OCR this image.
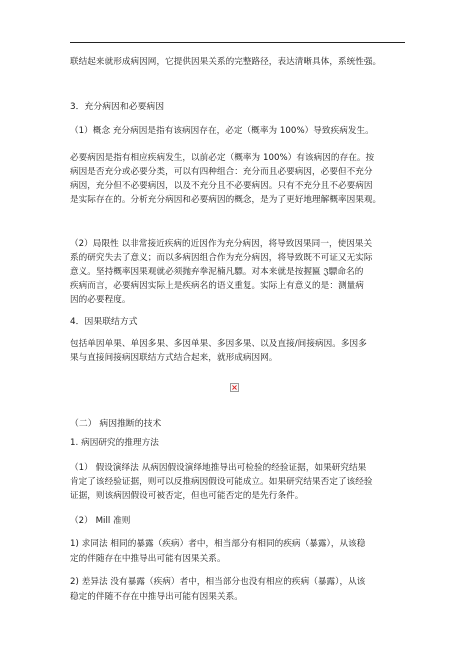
联结起来就形成病因网，它提供因果关系的完整路径，表达清晰具体，系统性强。
3．充分病因和必要病因
（1）概念 充分病因是指有该病因存在，必定（概率为 100%）导致疾病发生。
必要病因是指有相应疾病发生，以前必定（概率为 100%）有该病因的存在。按
病因是否充分或必要分类，可以有四种组合：充分而且必要病因，必要但不充分
病因，充分但不必要病因，以及不充分且不必要病因。只有不充分且不必要病因
是实际存在的。分析充分病因和必要病因的概念，是为了更好地理解概率因果观。
（2）局限性 以非常接近疾病的近因作为充分病因，将导致因果同一，使因果关
系的研究失去了意义；而以多病因组合作为充分病因，将导致既不可证又无实际
意义。坚持概率因果观就必须抛弃拳泥楠凡驃。对本来就是按握匾 𝔍驃命名的
疾病而言，必要病因实际上是疾病名的语义重复。实际上有意义的是：测量病
因的必要程度。
4．因果联结方式
包括单因单果、单因多果、多因单果、多因多果、以及直接/间接病因。多因多
果与直接间接病因联结方式结合起来，就形成病因网。
×
（二） 病因推断的技术
1. 病因研究的推理方法
（1） 假设演绎法 从病因假设演绎地推导出可检验的经验证据，如果研究结果
肯定了该经验证据，则可以反推病因假设可能成立。如果研究结果否定了该经验
证据，则该病因假设可被否定，但也可能否定的是先行条件。
（2） Mill 准则
1) 求同法 相同的暴露（疾病）者中，相当部分有相同的疾病（暴露），从该稳
定的伴随存在中推导出可能有因果关系。
2) 差异法 没有暴露（疾病）者中，相当部分也没有相应的疾病（暴露），从该
稳定的伴随不存在中推导出可能有因果关系。
